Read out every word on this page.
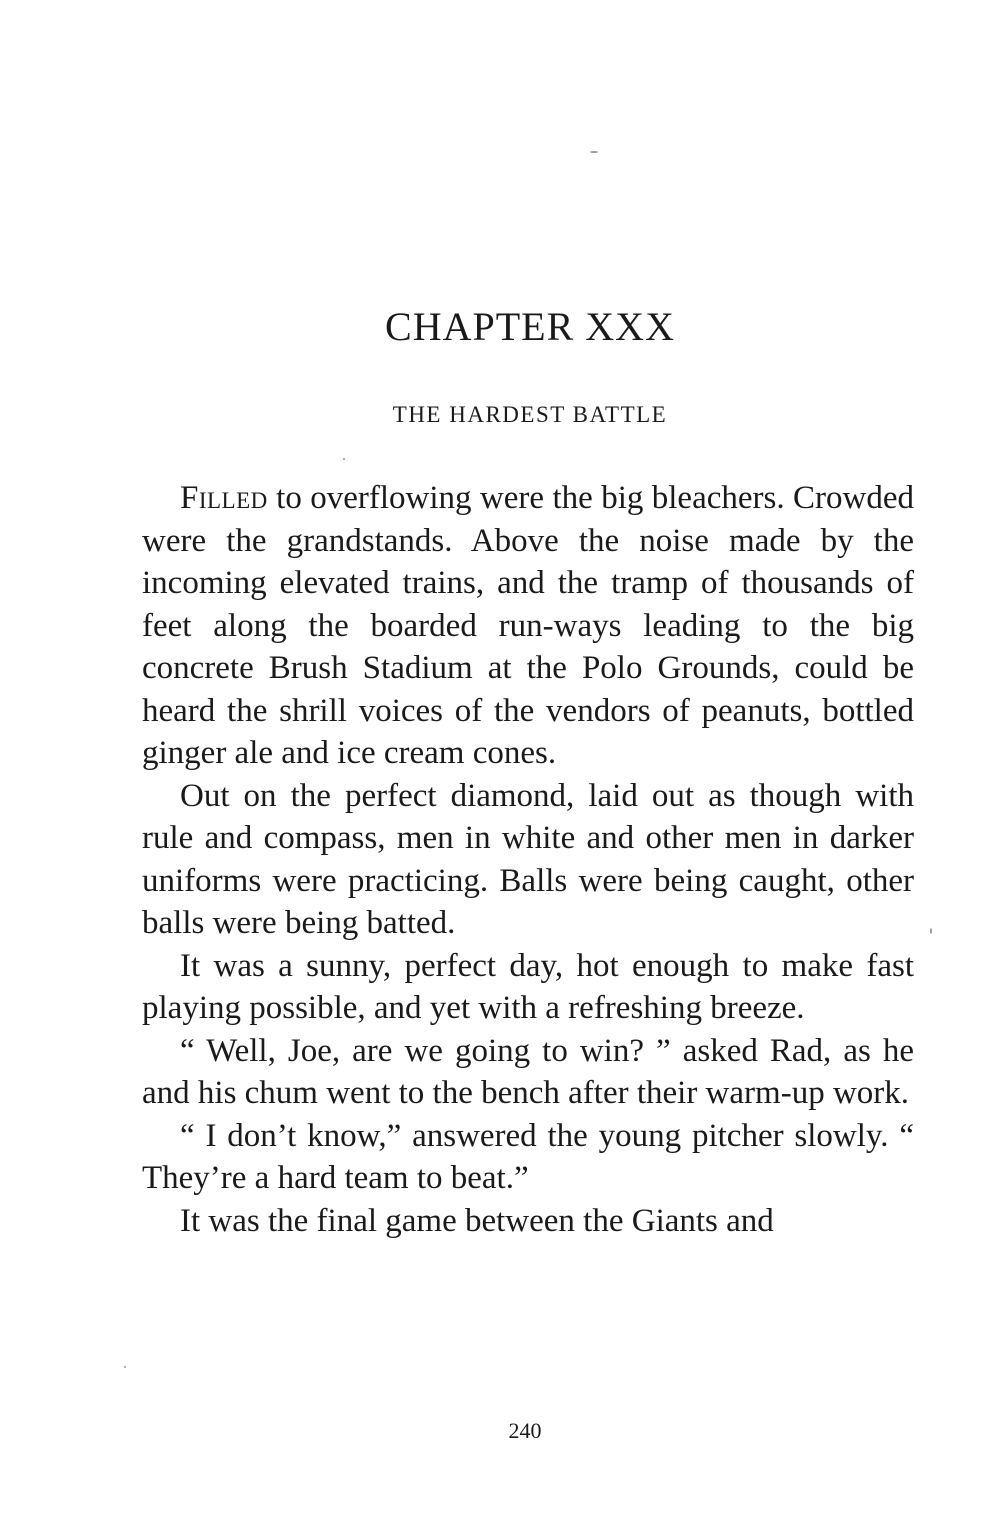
CHAPTER XXX
THE HARDEST BATTLE

Filled to overflowing were the big bleachers. Crowded were the grandstands. Above the noise made by the incoming elevated trains, and the tramp of thousands of feet along the boarded run-ways leading to the big concrete Brush Stadium at the Polo Grounds, could be heard the shrill voices of the vendors of peanuts, bottled ginger ale and ice cream cones.

Out on the perfect diamond, laid out as though with rule and compass, men in white and other men in darker uniforms were practicing. Balls were being caught, other balls were being batted.

It was a sunny, perfect day, hot enough to make fast playing possible, and yet with a refreshing breeze.

“ Well, Joe, are we going to win? ” asked Rad, as he and his chum went to the bench after their warm-up work.

“ I don’t know,” answered the young pitcher slowly. “ They’re a hard team to beat.”

It was the final game between the Giants and

240
